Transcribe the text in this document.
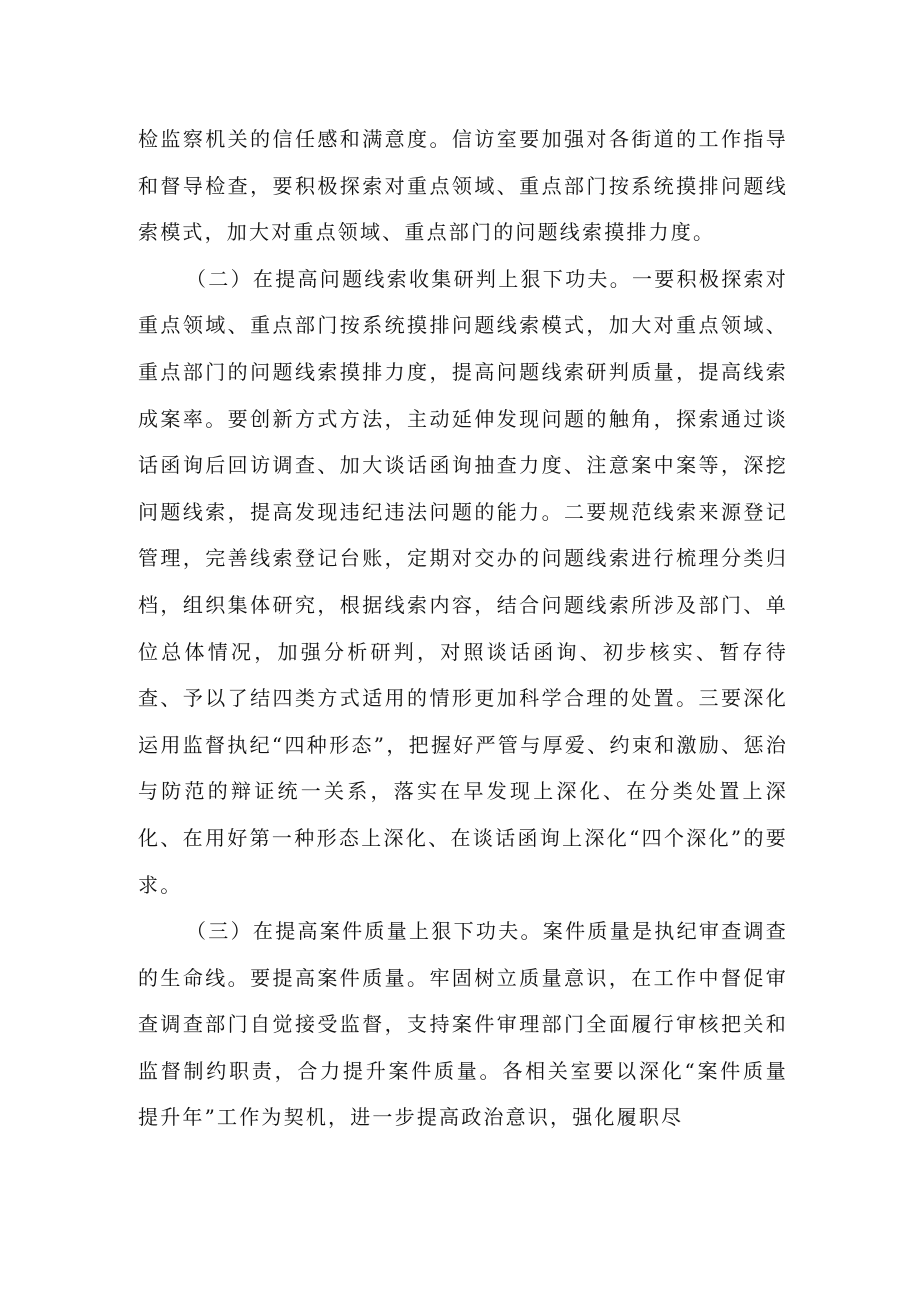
检监察机关的信任感和满意度。信访室要加强对各街道的工作指导和督导检查，要积极探索对重点领域、重点部门按系统摸排问题线索模式，加大对重点领域、重点部门的问题线索摸排力度。

（二）在提高问题线索收集研判上狠下功夫。一要积极探索对重点领域、重点部门按系统摸排问题线索模式，加大对重点领域、重点部门的问题线索摸排力度，提高问题线索研判质量，提高线索成案率。要创新方式方法，主动延伸发现问题的触角，探索通过谈话函询后回访调查、加大谈话函询抽查力度、注意案中案等，深挖问题线索，提高发现违纪违法问题的能力。二要规范线索来源登记管理，完善线索登记台账，定期对交办的问题线索进行梳理分类归档，组织集体研究，根据线索内容，结合问题线索所涉及部门、单位总体情况，加强分析研判，对照谈话函询、初步核实、暂存待查、予以了结四类方式适用的情形更加科学合理的处置。三要深化运用监督执纪“四种形态”，把握好严管与厚爱、约束和激励、惩治与防范的辩证统一关系，落实在早发现上深化、在分类处置上深化、在用好第一种形态上深化、在谈话函询上深化“四个深化”的要求。

（三）在提高案件质量上狠下功夫。案件质量是执纪审查调查的生命线。要提高案件质量。牢固树立质量意识，在工作中督促审查调查部门自觉接受监督，支持案件审理部门全面履行审核把关和监督制约职责，合力提升案件质量。各相关室要以深化“案件质量提升年”工作为契机，进一步提高政治意识，强化履职尽
